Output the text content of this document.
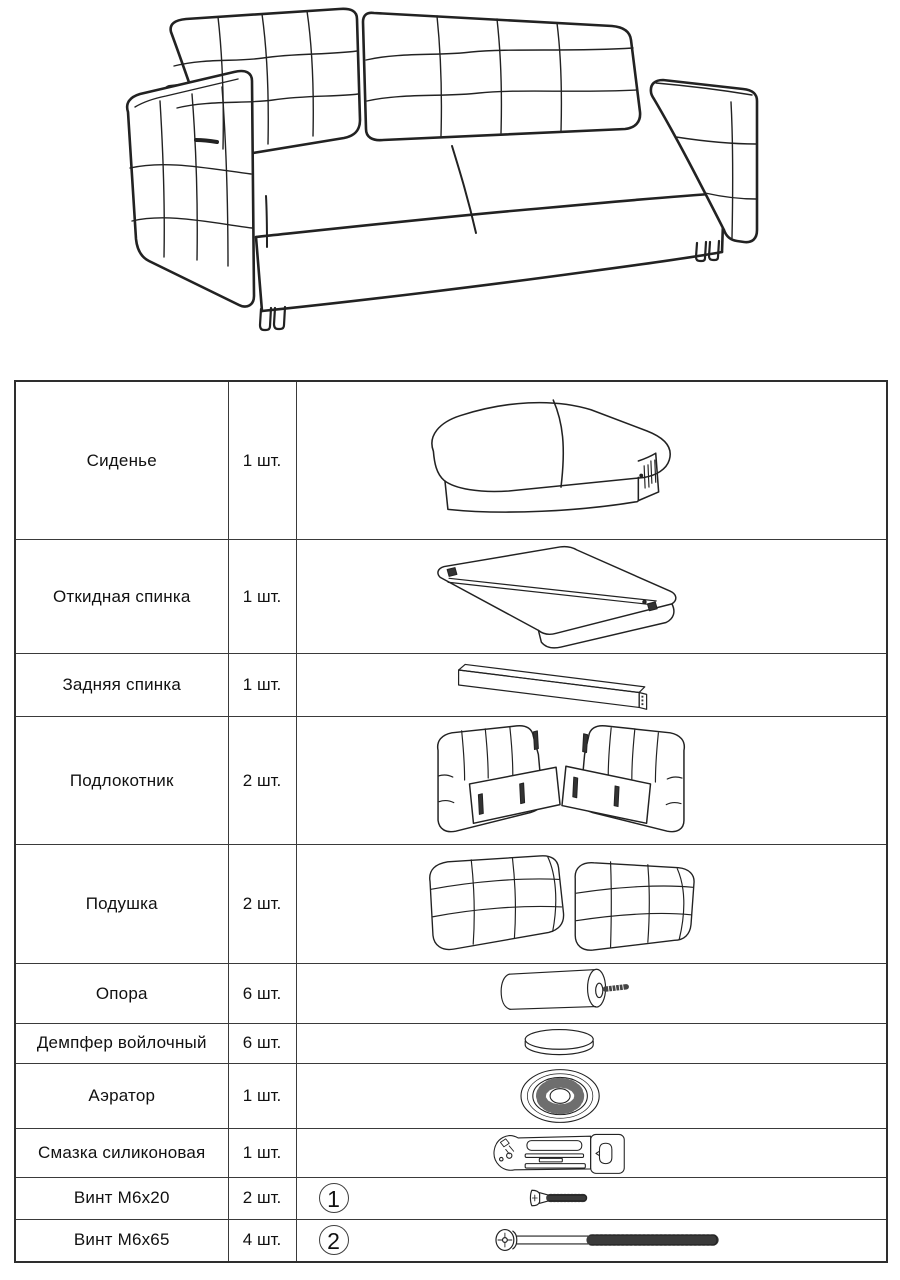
Сиденье	1 шт.	

Откидная спинка	1 шт.	

Задняя спинка	1 шт.	

Подлокотник	2 шт.	

Подушка	2 шт.	

Опора	6 шт.	

Демпфер войлочный	6 шт.	

Аэратор	1 шт.	

Смазка силиконовая	1 шт.	

Винт М6х20	2 шт.	1

Винт М6х65	4 шт.	2
